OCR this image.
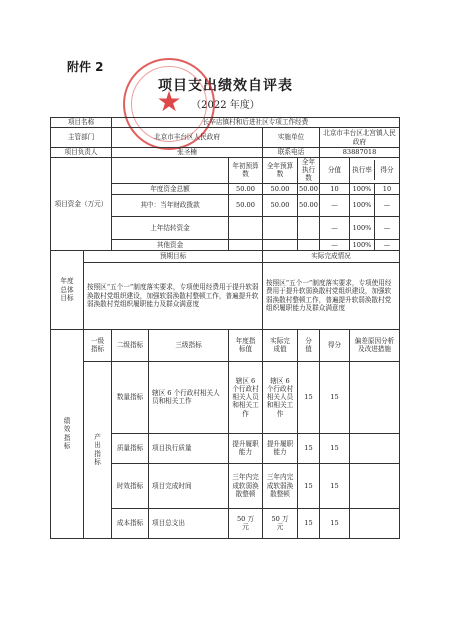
附件 2
项目支出绩效自评表
（2022 年度）
★
项目名称		长辛店镇村和后进社区专项工作经费						
主管部门		北京市丰台区人民政府			实施单位		北京市丰台区北宫镇人民政府	
项目负责人		张圣楠			联系电话		83887018	
项目资金（万元）				年初预算数	全年预算数	全年执行数	分值	执行率 得分

		年度资金总额		50.00	50.00	50.00	10	100% 10

		其中：当年财政拨款		50.00	50.00	50.00	—	100% —

		上年结转资金					—	100% —

		其他资金					—	100% —

年度总体目标	预期目标				实际完成情况			
	按照区“五个一”制度落实要求，专项使用经费用于提升软弱涣散村党组织建设，加强软弱涣散村整顿工作，普遍提升软弱涣散村党组织履职能力及群众满意度				按照区“五个一”制度落实要求，专项使用经费用于提升软弱涣散村党组织建设，加强软弱涣散村整顿工作，普遍提升软弱涣散村党组织履职能力及群众满意度			
绩效指标	一级指标	二级指标	三级指标	年度指标值	实际完成值	分值	得分	偏差原因分析及改进措施
	产出指标	数量指标	辖区 6 个行政村相关人员和相关工作	辖区 6 个行政村相关人员和相关工作	辖区 6 个行政村相关人员和相关工作	15	15	
		质量指标	项目执行质量	提升履职能力	提升履职能力	15	15	
		时效指标	项目完成时间	三年内完成软弱涣散整顿	三年内完成软弱涣散整顿	15	15	
		成本指标	项目总支出	50 万元	50 万元	15	15	
